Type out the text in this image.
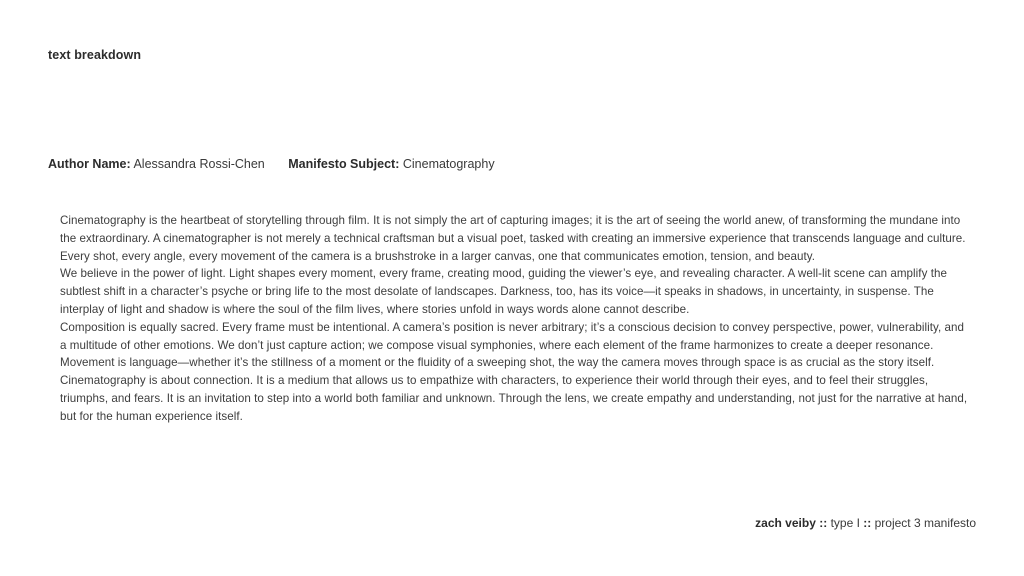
text breakdown
Author Name: Alessandra Rossi-Chen Manifesto Subject: Cinematography

Cinematography is the heartbeat of storytelling through film. It is not simply the art of capturing images; it is the art of seeing the world anew, of transforming the mundane into the extraordinary. A cinematographer is not merely a technical craftsman but a visual poet, tasked with creating an immersive experience that transcends language and culture. Every shot, every angle, every movement of the camera is a brushstroke in a larger canvas, one that communicates emotion, tension, and beauty.

We believe in the power of light. Light shapes every moment, every frame, creating mood, guiding the viewer’s eye, and revealing character. A well-lit scene can amplify the subtlest shift in a character’s psyche or bring life to the most desolate of landscapes. Darkness, too, has its voice—it speaks in shadows, in uncertainty, in suspense. The interplay of light and shadow is where the soul of the film lives, where stories unfold in ways words alone cannot describe.

Composition is equally sacred. Every frame must be intentional. A camera’s position is never arbitrary; it’s a conscious decision to convey perspective, power, vulnerability, and a multitude of other emotions. We don’t just capture action; we compose visual symphonies, where each element of the frame harmonizes to create a deeper resonance. Movement is language—whether it’s the stillness of a moment or the fluidity of a sweeping shot, the way the camera moves through space is as crucial as the story itself.

Cinematography is about connection. It is a medium that allows us to empathize with characters, to experience their world through their eyes, and to feel their struggles, triumphs, and fears. It is an invitation to step into a world both familiar and unknown. Through the lens, we create empathy and understanding, not just for the narrative at hand, but for the human experience itself.

zach veiby :: type I :: project 3 manifesto
